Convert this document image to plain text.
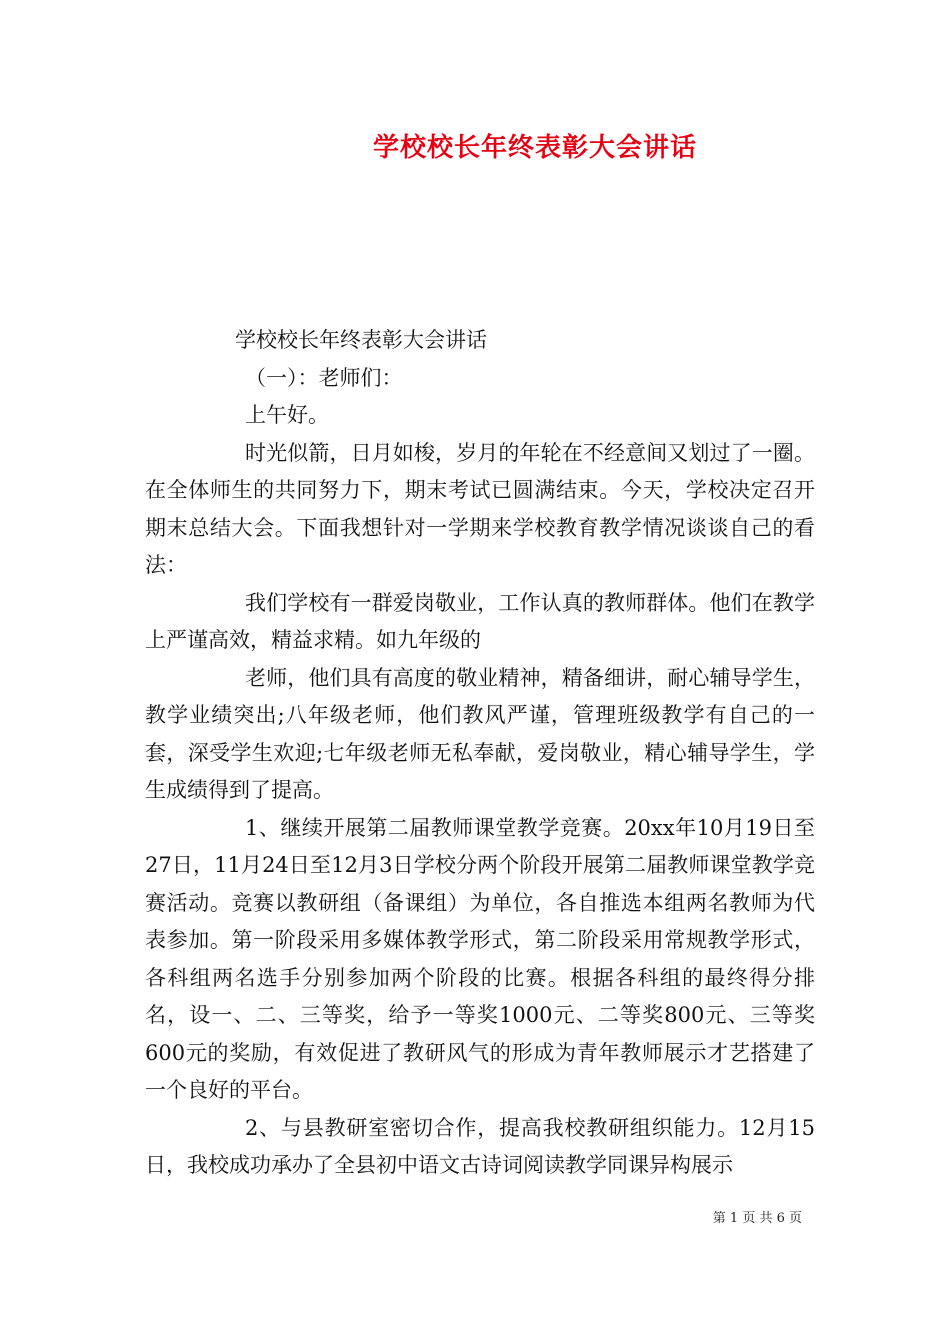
学校校长年终表彰大会讲话

学校校长年终表彰大会讲话

（一）：老师们：

上午好。

时光似箭，日月如梭，岁月的年轮在不经意间又划过了一圈。在全体师生的共同努力下，期末考试已圆满结束。今天，学校决定召开期末总结大会。下面我想针对一学期来学校教育教学情况谈谈自己的看法：

我们学校有一群爱岗敬业，工作认真的教师群体。他们在教学上严谨高效，精益求精。如九年级的

老师，他们具有高度的敬业精神，精备细讲，耐心辅导学生，教学业绩突出;八年级老师，他们教风严谨，管理班级教学有自己的一套，深受学生欢迎;七年级老师无私奉献，爱岗敬业，精心辅导学生，学生成绩得到了提高。

1、继续开展第二届教师课堂教学竞赛。20xx年10月19日至27日，11月24日至12月3日学校分两个阶段开展第二届教师课堂教学竞赛活动。竞赛以教研组（备课组）为单位，各自推选本组两名教师为代表参加。第一阶段采用多媒体教学形式，第二阶段采用常规教学形式，各科组两名选手分别参加两个阶段的比赛。根据各科组的最终得分排名，设一、二、三等奖，给予一等奖1000元、二等奖800元、三等奖600元的奖励，有效促进了教研风气的形成为青年教师展示才艺搭建了一个良好的平台。

2、与县教研室密切合作，提高我校教研组织能力。12月15日，我校成功承办了全县初中语文古诗词阅读教学同课异构展示

第 1 页 共 6 页
